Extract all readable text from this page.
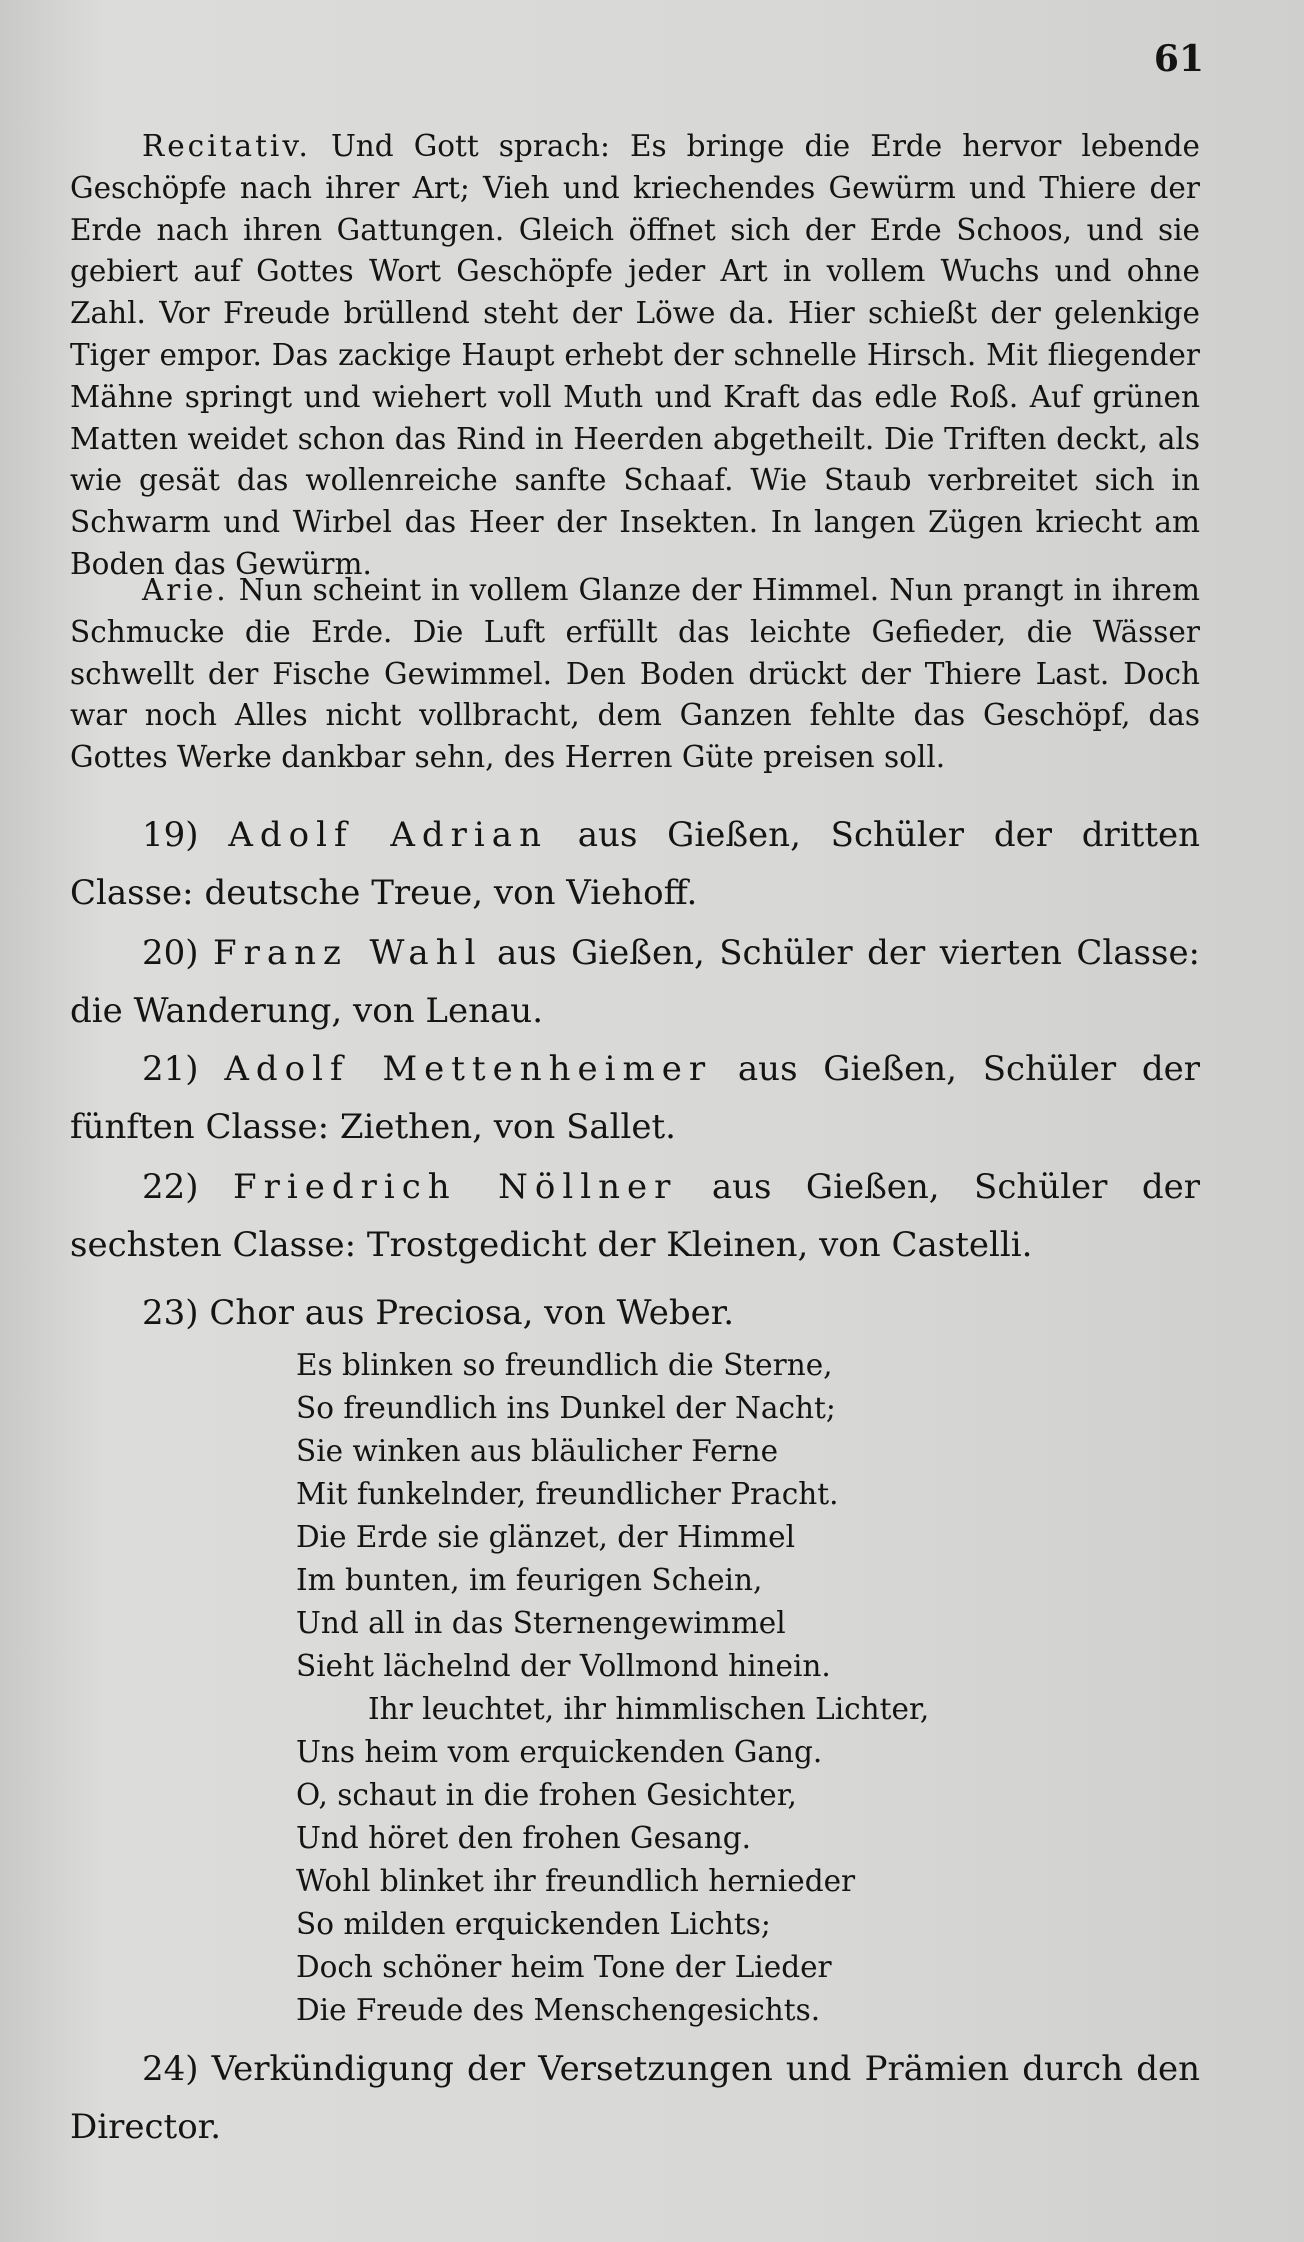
61

Recitativ. Und Gott sprach: Es bringe die Erde hervor lebende Geschöpfe nach ihrer Art; Vieh und kriechendes Gewürm und Thiere der Erde nach ihren Gattungen. Gleich öffnet sich der Erde Schoos, und sie gebiert auf Gottes Wort Geschöpfe jeder Art in vollem Wuchs und ohne Zahl. Vor Freude brüllend steht der Löwe da. Hier schießt der gelenkige Tiger empor. Das zackige Haupt erhebt der schnelle Hirsch. Mit fliegender Mähne springt und wiehert voll Muth und Kraft das edle Roß. Auf grünen Matten weidet schon das Rind in Heerden abgetheilt. Die Triften deckt, als wie gesät das wollenreiche sanfte Schaaf. Wie Staub verbreitet sich in Schwarm und Wirbel das Heer der Insekten. In langen Zügen kriecht am Boden das Gewürm.

Arie. Nun scheint in vollem Glanze der Himmel. Nun prangt in ihrem Schmucke die Erde. Die Luft erfüllt das leichte Gefieder, die Wässer schwellt der Fische Gewimmel. Den Boden drückt der Thiere Last. Doch war noch Alles nicht vollbracht, dem Ganzen fehlte das Geschöpf, das Gottes Werke dankbar sehn, des Herren Güte preisen soll.

19) Adolf Adrian aus Gießen, Schüler der dritten Classe: deutsche Treue, von Viehoff.

20) Franz Wahl aus Gießen, Schüler der vierten Classe: die Wanderung, von Lenau.

21) Adolf Mettenheimer aus Gießen, Schüler der fünften Classe: Ziethen, von Sallet.

22) Friedrich Nöllner aus Gießen, Schüler der sechsten Classe: Trostgedicht der Kleinen, von Castelli.

23) Chor aus Preciosa, von Weber.

Es blinken so freundlich die Sterne,
So freundlich ins Dunkel der Nacht;
Sie winken aus bläulicher Ferne
Mit funkelnder, freundlicher Pracht.
Die Erde sie glänzet, der Himmel
Im bunten, im feurigen Schein,
Und all in das Sternengewimmel
Sieht lächelnd der Vollmond hinein.
Ihr leuchtet, ihr himmlischen Lichter,
Uns heim vom erquickenden Gang.
O, schaut in die frohen Gesichter,
Und höret den frohen Gesang.
Wohl blinket ihr freundlich hernieder
So milden erquickenden Lichts;
Doch schöner heim Tone der Lieder
Die Freude des Menschengesichts.

24) Verkündigung der Versetzungen und Prämien durch den Director.
